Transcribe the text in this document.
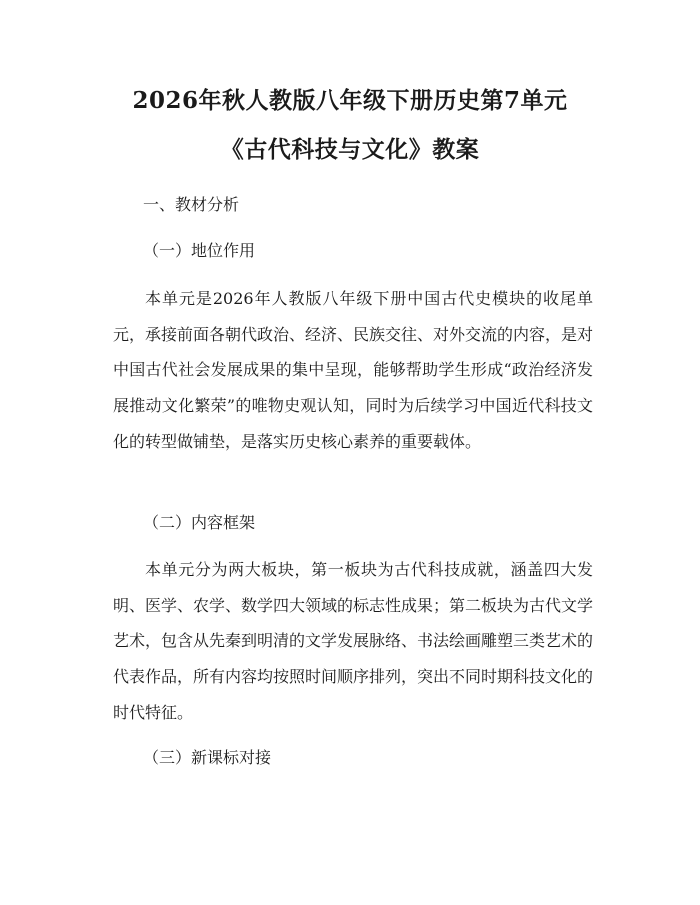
2026年秋人教版八年级下册历史第7单元
《古代科技与文化》教案
一、教材分析
（一）地位作用

本单元是2026年人教版八年级下册中国古代史模块的收尾单元，承接前面各朝代政治、经济、民族交往、对外交流的内容，是对中国古代社会发展成果的集中呈现，能够帮助学生形成“政治经济发展推动文化繁荣”的唯物史观认知，同时为后续学习中国近代科技文化的转型做铺垫，是落实历史核心素养的重要载体。

（二）内容框架

本单元分为两大板块，第一板块为古代科技成就，涵盖四大发明、医学、农学、数学四大领域的标志性成果；第二板块为古代文学艺术，包含从先秦到明清的文学发展脉络、书法绘画雕塑三类艺术的代表作品，所有内容均按照时间顺序排列，突出不同时期科技文化的时代特征。

（三）新课标对接
